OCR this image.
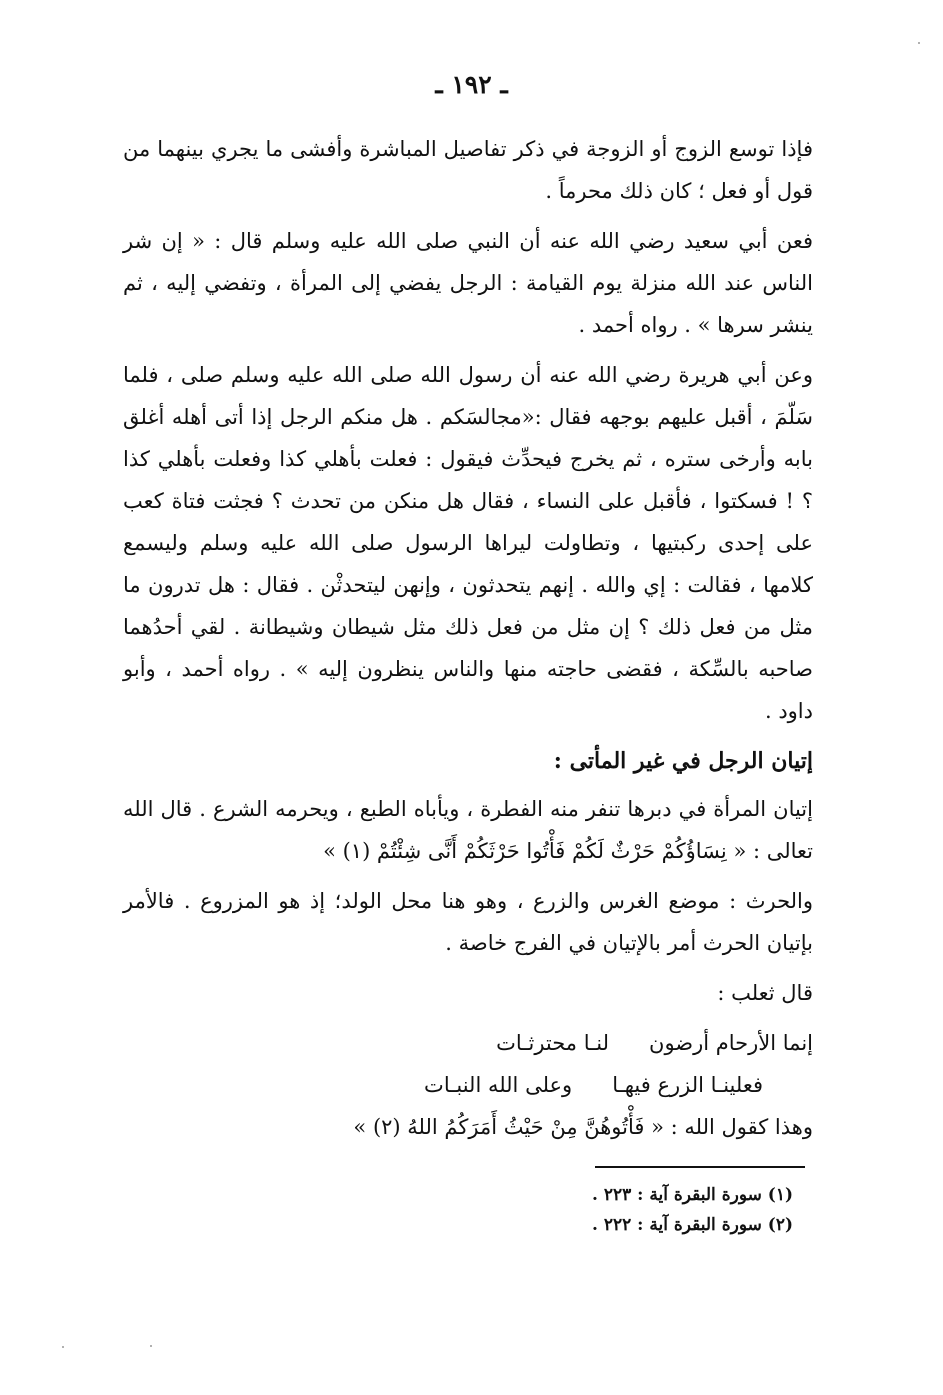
ـ ١٩٢ ـ

فإذا توسع الزوج أو الزوجة في ذكر تفاصيل المباشرة وأفشى ما يجري بينهما من قول أو فعل ؛ كان ذلك محرماً .

فعن أبي سعيد رضي الله عنه أن النبي صلى الله عليه وسلم قال : « إن شر الناس عند الله منزلة يوم القيامة : الرجل يفضي إلى المرأة ، وتفضي إليه ، ثم ينشر سرها » . رواه أحمد .

وعن أبي هريرة رضي الله عنه أن رسول الله صلى الله عليه وسلم صلى ، فلما سَلّمَ ، أقبل عليهم بوجهه فقال :«مجالسَكم . هل منكم الرجل إذا أتى أهله أغلق بابه وأرخى ستره ، ثم يخرج فيحدِّث فيقول : فعلت بأهلي كذا وفعلت بأهلي كذا ؟ ! فسكتوا ، فأقبل على النساء ، فقال هل منكن من تحدث ؟ فجثت فتاة كعب على إحدى ركبتيها ، وتطاولت ليراها الرسول صلى الله عليه وسلم وليسمع كلامها ، فقالت : إي والله . إنهم يتحدثون ، وإنهن ليتحدثْن . فقال : هل تدرون ما مثل من فعل ذلك ؟ إن مثل من فعل ذلك مثل شيطان وشيطانة . لقي أحدُهما صاحبه بالسِّكة ، فقضى حاجته منها والناس ينظرون إليه » . رواه أحمد ، وأبو داود .

إتيان الرجل في غير المأتى :

إتيان المرأة في دبرها تنفر منه الفطرة ، ويأباه الطبع ، ويحرمه الشرع . قال الله تعالى : « نِسَاؤُكُمْ حَرْثٌ لَكُمْ فَأْتُوا حَرْثَكُمْ أَنَّى شِئْتُمْ (١) »

والحرث : موضع الغرس والزرع ، وهو هنا محل الولد؛ إذ هو المزروع . فالأمر بإتيان الحرث أمر بالإتيان في الفرج خاصة .

قال ثعلب :

إنما الأرحام أرضون
لنـا محترثـات
فعلينـا الزرع فيهـا
وعلى الله النبـات

وهذا كقول الله : « فَأْتُوهُنَّ مِنْ حَيْثُ أَمَرَكُمُ اللهُ (٢) »

(١) سورة البقرة آية : ٢٢٣ .

(٢) سورة البقرة آية : ٢٢٢ .
